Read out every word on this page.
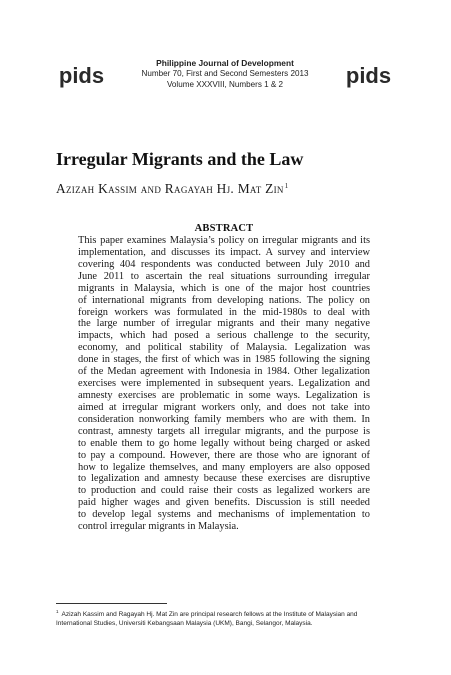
pids	Philippine Journal of Development
Number 70, First and Second Semesters 2013
Volume XXXVIII, Numbers 1 & 2	pids
Irregular Migrants and the Law

Azizah Kassim and Ragayah Hj. Mat Zin$^1$

ABSTRACT
This paper examines Malaysia’s policy on irregular migrants and its
implementation, and discusses its impact. A survey and interview
covering 404 respondents was conducted between July 2010 and
June 2011 to ascertain the real situations surrounding irregular
migrants in Malaysia, which is one of the major host countries
of international migrants from developing nations. The policy on
foreign workers was formulated in the mid-1980s to deal with
the large number of irregular migrants and their many negative
impacts, which had posed a serious challenge to the security,
economy, and political stability of Malaysia. Legalization was
done in stages, the first of which was in 1985 following the signing
of the Medan agreement with Indonesia in 1984. Other legalization
exercises were implemented in subsequent years. Legalization and
amnesty exercises are problematic in some ways. Legalization is
aimed at irregular migrant workers only, and does not take into
consideration nonworking family members who are with them. In
contrast, amnesty targets all irregular migrants, and the purpose is
to enable them to go home legally without being charged or asked
to pay a compound. However, there are those who are ignorant of
how to legalize themselves, and many employers are also opposed
to legalization and amnesty because these exercises are disruptive
to production and could raise their costs as legalized workers are
paid higher wages and given benefits. Discussion is still needed
to develop legal systems and mechanisms of implementation to
control irregular migrants in Malaysia.
$^1$ Azizah Kassim and Ragayah Hj. Mat Zin are principal research fellows at the Institute of Malaysian and
International Studies, Universiti Kebangsaan Malaysia (UKM), Bangi, Selangor, Malaysia.
